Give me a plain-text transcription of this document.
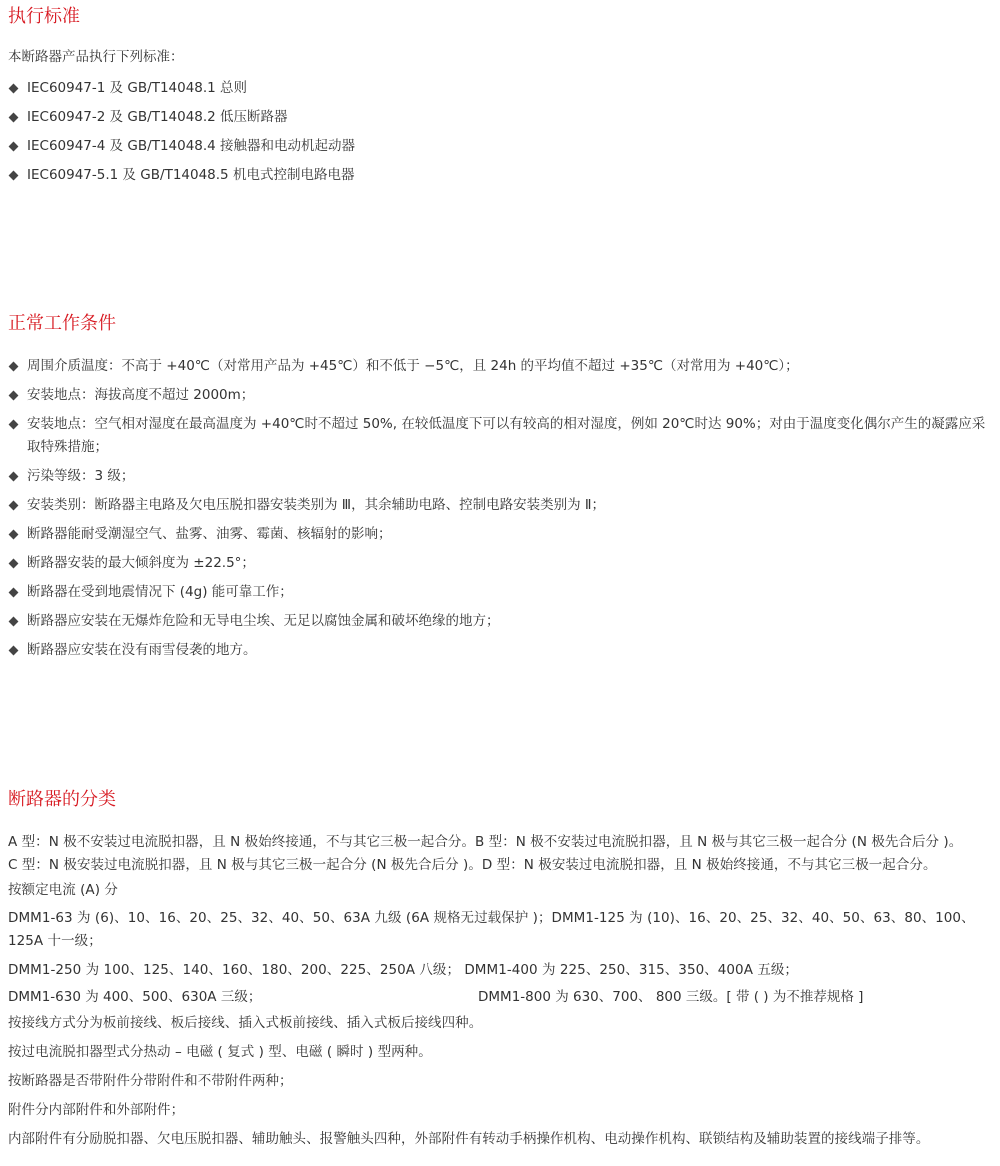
执行标准

本断路器产品执行下列标准：

IEC60947-1 及 GB/T14048.1 总则
IEC60947-2 及 GB/T14048.2 低压断路器
IEC60947-4 及 GB/T14048.4 接触器和电动机起动器
IEC60947-5.1 及 GB/T14048.5 机电式控制电路电器
正常工作条件
周围介质温度：不高于 +40℃（对常用产品为 +45℃）和不低于 −5℃，且 24h 的平均值不超过 +35℃（对常用为 +40℃）；
安装地点：海拔高度不超过 2000m；
安装地点：空气相对湿度在最高温度为 +40℃时不超过 50%, 在较低温度下可以有较高的相对湿度，例如 20℃时达 90%；对由于温度变化偶尔产生的凝露应采取特殊措施；
污染等级：3 级；
安装类别：断路器主电路及欠电压脱扣器安装类别为 Ⅲ，其余辅助电路、控制电路安装类别为 Ⅱ；
断路器能耐受潮湿空气、盐雾、油雾、霉菌、核辐射的影响；
断路器安装的最大倾斜度为 ±22.5°；
断路器在受到地震情况下 (4g) 能可靠工作；
断路器应安装在无爆炸危险和无导电尘埃、无足以腐蚀金属和破坏绝缘的地方；
断路器应安装在没有雨雪侵袭的地方。
断路器的分类

A 型：N 极不安装过电流脱扣器，且 N 极始终接通，不与其它三极一起合分。B 型：N 极不安装过电流脱扣器，且 N 极与其它三极一起合分 (N 极先合后分 )。

C 型：N 极安装过电流脱扣器，且 N 极与其它三极一起合分 (N 极先合后分 )。D 型：N 极安装过电流脱扣器，且 N 极始终接通，不与其它三极一起合分。

按额定电流 (A) 分

DMM1-63 为 (6)、10、16、20、25、32、40、50、63A 九级 (6A 规格无过载保护 )；DMM1-125 为 (10)、16、20、25、32、40、50、63、80、100、125A 十一级；

DMM1-250 为 100、125、140、160、180、200、225、250A 八级； DMM1-400 为 225、250、315、350、400A 五级；

DMM1-630 为 400、500、630A 三级；	DMM1-800 为 630、700、 800 三级。[ 带 ( ) 为不推荐规格 ]

按接线方式分为板前接线、板后接线、插入式板前接线、插入式板后接线四种。

按过电流脱扣器型式分热动 – 电磁 ( 复式 ) 型、电磁 ( 瞬时 ) 型两种。

按断路器是否带附件分带附件和不带附件两种；

附件分内部附件和外部附件；

内部附件有分励脱扣器、欠电压脱扣器、辅助触头、报警触头四种，外部附件有转动手柄操作机构、电动操作机构、联锁结构及辅助装置的接线端子排等。
